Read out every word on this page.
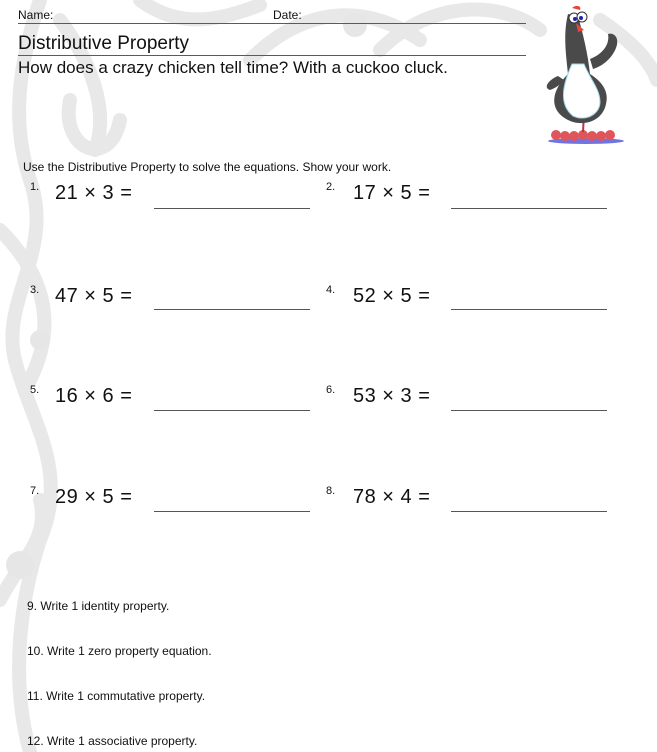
Name:	Date:
Distributive Property
How does a crazy chicken tell time? With a cuckoo cluck.
Use the Distributive Property to solve the equations. Show your work.
1. 21 × 3 =	2. 17 × 5 =
3. 47 × 5 =	4. 52 × 5 =
5. 16 × 6 =	6. 53 × 3 =
7. 29 × 5 =	8. 78 × 4 =
9. Write 1 identity property.
10. Write 1 zero property equation.
11. Write 1 commutative property.
12. Write 1 associative property.
